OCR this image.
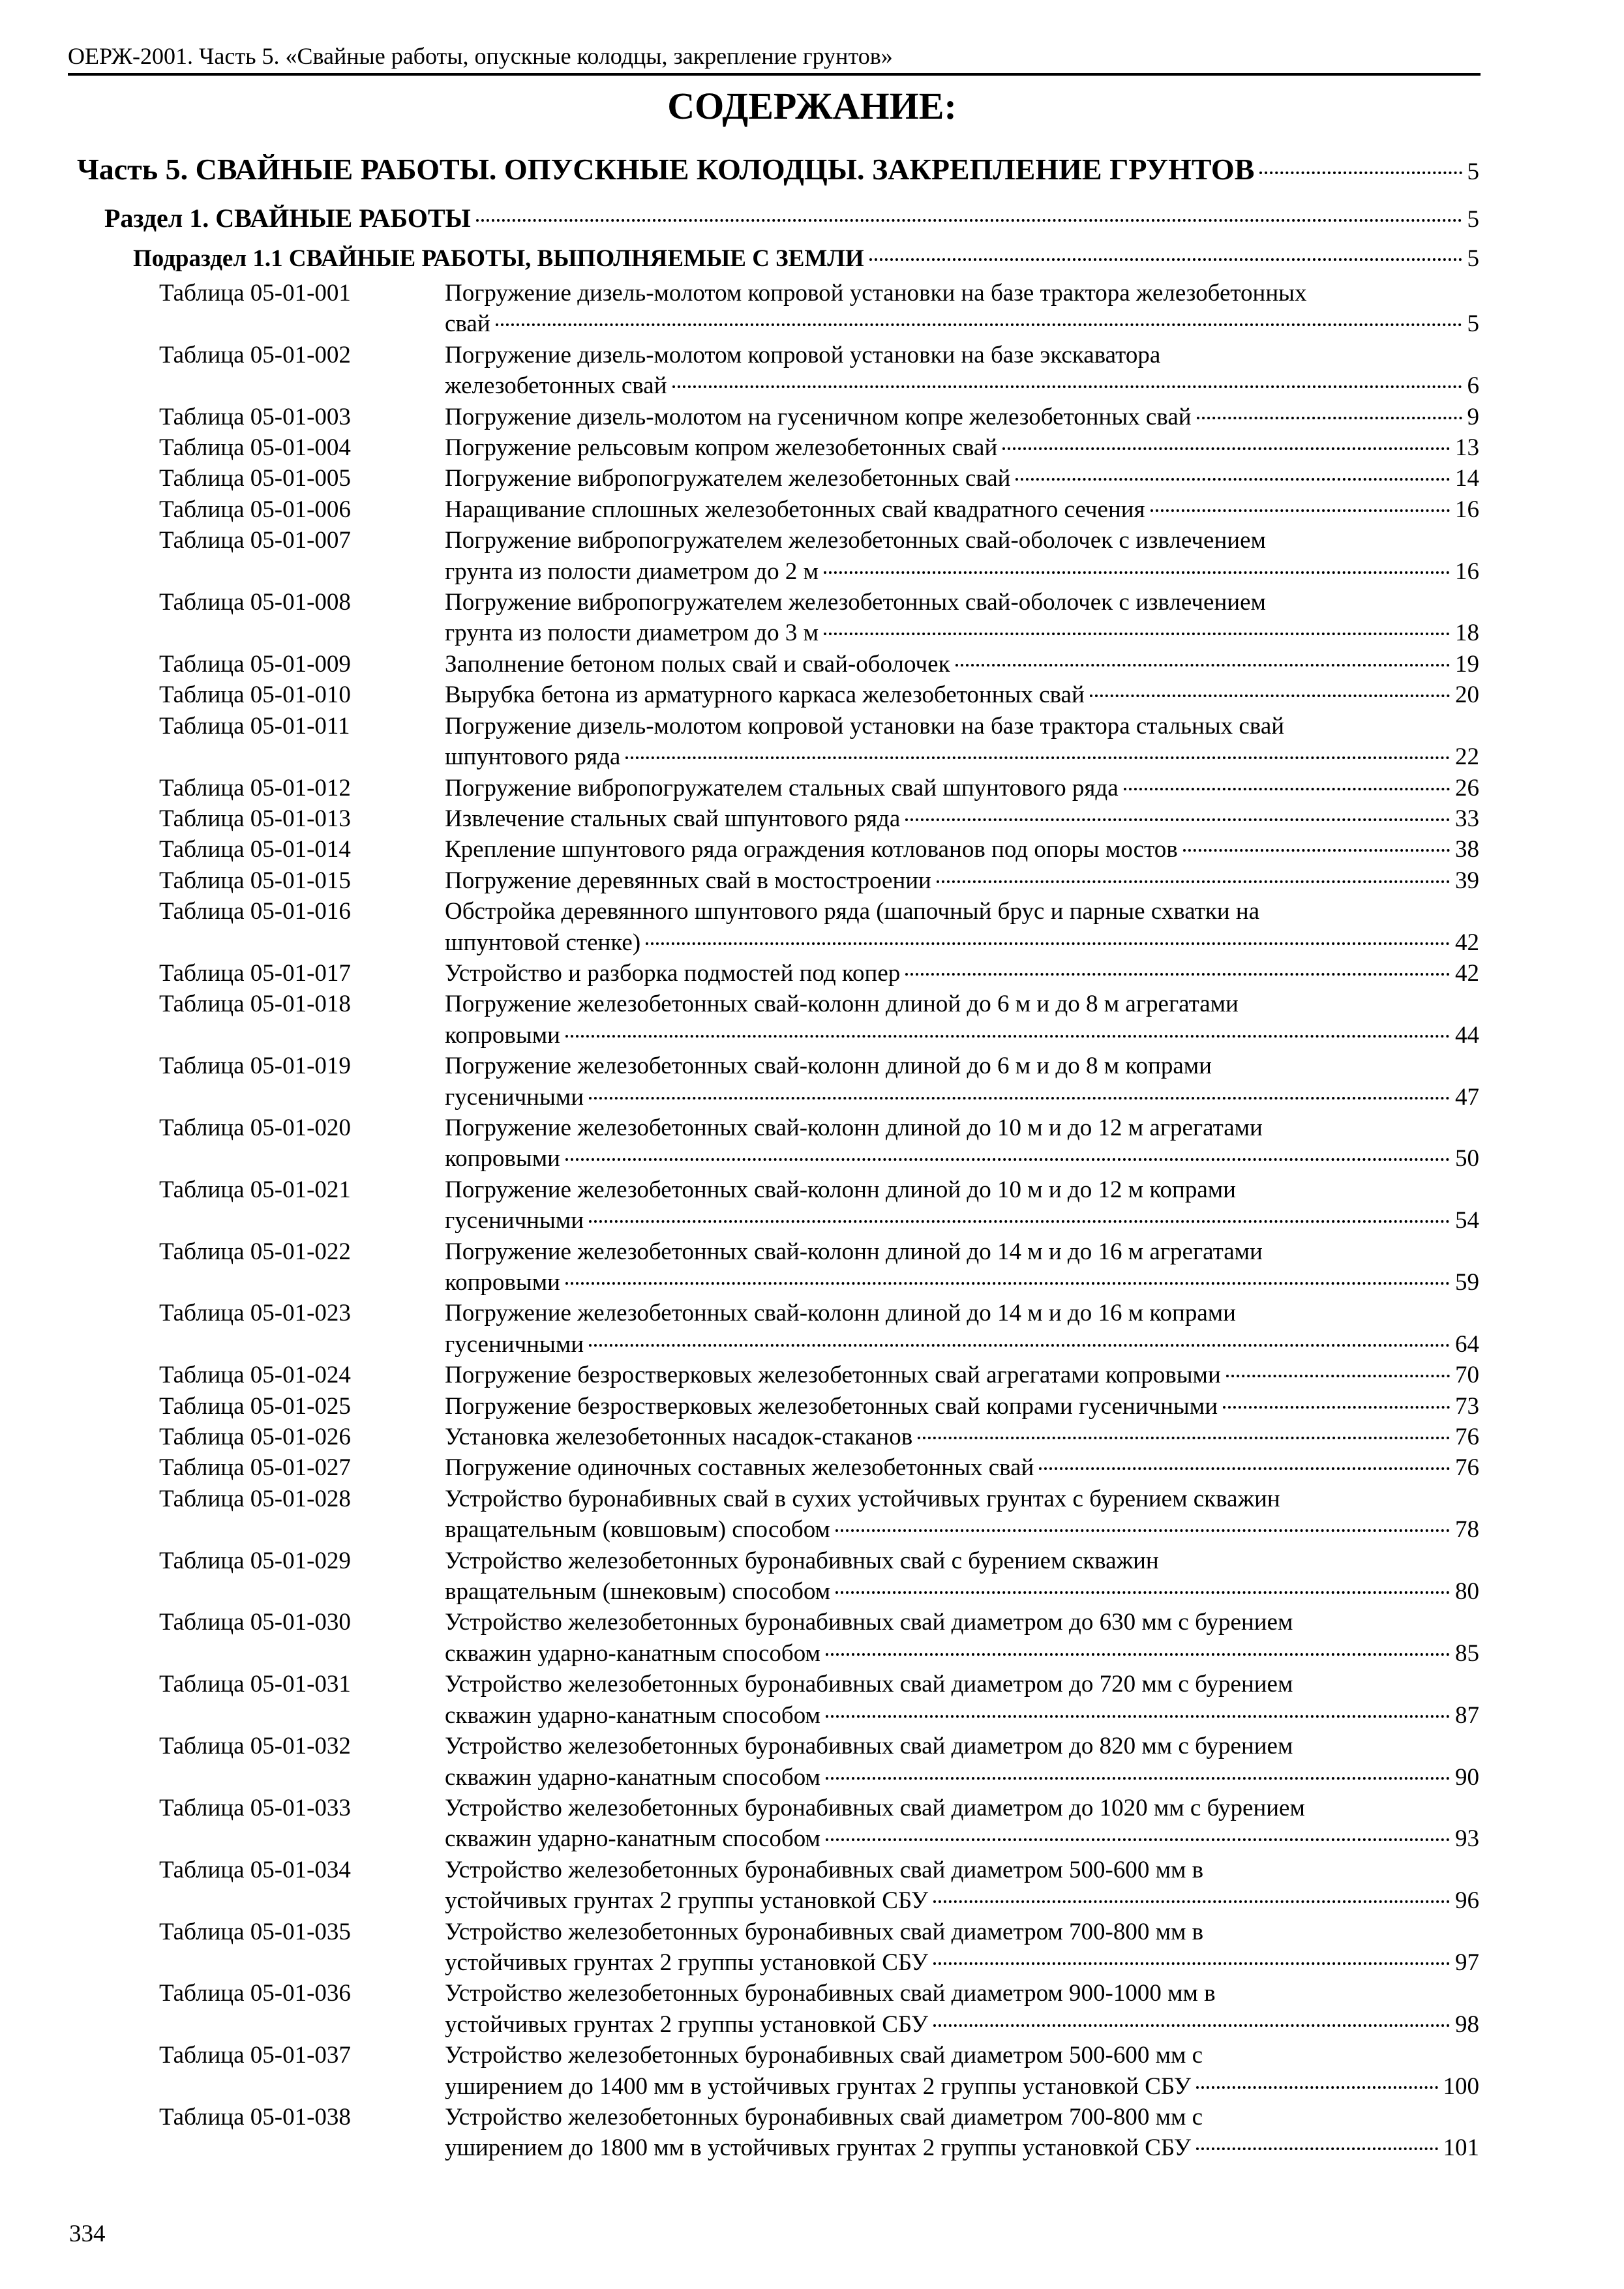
ОЕРЖ-2001. Часть 5. «Свайные работы, опускные колодцы, закрепление грунтов»
СОДЕРЖАНИЕ:
Часть 5. СВАЙНЫЕ РАБОТЫ. ОПУСКНЫЕ КОЛОДЦЫ. ЗАКРЕПЛЕНИЕ ГРУНТОВ	5
Раздел 1. СВАЙНЫЕ РАБОТЫ	5
Подраздел 1.1 СВАЙНЫЕ РАБОТЫ, ВЫПОЛНЯЕМЫЕ С ЗЕМЛИ	5
Таблица 05-01-001	Погружение дизель-молотом копровой установки на базе трактора железобетонных
свай	5
Таблица 05-01-002	Погружение дизель-молотом копровой установки на базе экскаватора
железобетонных свай	6
Таблица 05-01-003	Погружение дизель-молотом на гусеничном копре железобетонных свай	9
Таблица 05-01-004	Погружение рельсовым копром железобетонных свай	13
Таблица 05-01-005	Погружение вибропогружателем железобетонных свай	14
Таблица 05-01-006	Наращивание сплошных железобетонных свай квадратного сечения	16
Таблица 05-01-007	Погружение вибропогружателем железобетонных свай-оболочек с извлечением
грунта из полости диаметром до 2 м	16
Таблица 05-01-008	Погружение вибропогружателем железобетонных свай-оболочек с извлечением
грунта из полости диаметром до 3 м	18
Таблица 05-01-009	Заполнение бетоном полых свай и свай-оболочек	19
Таблица 05-01-010	Вырубка бетона из арматурного каркаса железобетонных свай	20
Таблица 05-01-011	Погружение дизель-молотом копровой установки на базе трактора стальных свай
шпунтового ряда	22
Таблица 05-01-012	Погружение вибропогружателем стальных свай шпунтового ряда	26
Таблица 05-01-013	Извлечение стальных свай шпунтового ряда	33
Таблица 05-01-014	Крепление шпунтового ряда ограждения котлованов под опоры мостов	38
Таблица 05-01-015	Погружение деревянных свай в мостостроении	39
Таблица 05-01-016	Обстройка деревянного шпунтового ряда (шапочный брус и парные схватки на
шпунтовой стенке)	42
Таблица 05-01-017	Устройство и разборка подмостей под копер	42
Таблица 05-01-018	Погружение железобетонных свай-колонн длиной до 6 м и до 8 м агрегатами
копровыми	44
Таблица 05-01-019	Погружение железобетонных свай-колонн длиной до 6 м и до 8 м копрами
гусеничными	47
Таблица 05-01-020	Погружение железобетонных свай-колонн длиной до 10 м и до 12 м агрегатами
копровыми	50
Таблица 05-01-021	Погружение железобетонных свай-колонн длиной до 10 м и до 12 м копрами
гусеничными	54
Таблица 05-01-022	Погружение железобетонных свай-колонн длиной до 14 м и до 16 м агрегатами
копровыми	59
Таблица 05-01-023	Погружение железобетонных свай-колонн длиной до 14 м и до 16 м копрами
гусеничными	64
Таблица 05-01-024	Погружение безростверковых железобетонных свай агрегатами копровыми	70
Таблица 05-01-025	Погружение безростверковых железобетонных свай копрами гусеничными	73
Таблица 05-01-026	Установка железобетонных насадок-стаканов	76
Таблица 05-01-027	Погружение одиночных составных железобетонных свай	76
Таблица 05-01-028	Устройство буронабивных свай в сухих устойчивых грунтах с бурением скважин
вращательным (ковшовым) способом	78
Таблица 05-01-029	Устройство железобетонных буронабивных свай с бурением скважин
вращательным (шнековым) способом	80
Таблица 05-01-030	Устройство железобетонных буронабивных свай диаметром до 630 мм с бурением
скважин ударно-канатным способом	85
Таблица 05-01-031	Устройство железобетонных буронабивных свай диаметром до 720 мм с бурением
скважин ударно-канатным способом	87
Таблица 05-01-032	Устройство железобетонных буронабивных свай диаметром до 820 мм с бурением
скважин ударно-канатным способом	90
Таблица 05-01-033	Устройство железобетонных буронабивных свай диаметром до 1020 мм с бурением
скважин ударно-канатным способом	93
Таблица 05-01-034	Устройство железобетонных буронабивных свай диаметром 500-600 мм в
устойчивых грунтах 2 группы установкой СБУ	96
Таблица 05-01-035	Устройство железобетонных буронабивных свай диаметром 700-800 мм в
устойчивых грунтах 2 группы установкой СБУ	97
Таблица 05-01-036	Устройство железобетонных буронабивных свай диаметром 900-1000 мм в
устойчивых грунтах 2 группы установкой СБУ	98
Таблица 05-01-037	Устройство железобетонных буронабивных свай диаметром 500-600 мм с
уширением до 1400 мм в устойчивых грунтах 2 группы установкой СБУ	100
Таблица 05-01-038	Устройство железобетонных буронабивных свай диаметром 700-800 мм с
уширением до 1800 мм в устойчивых грунтах 2 группы установкой СБУ	101
334
